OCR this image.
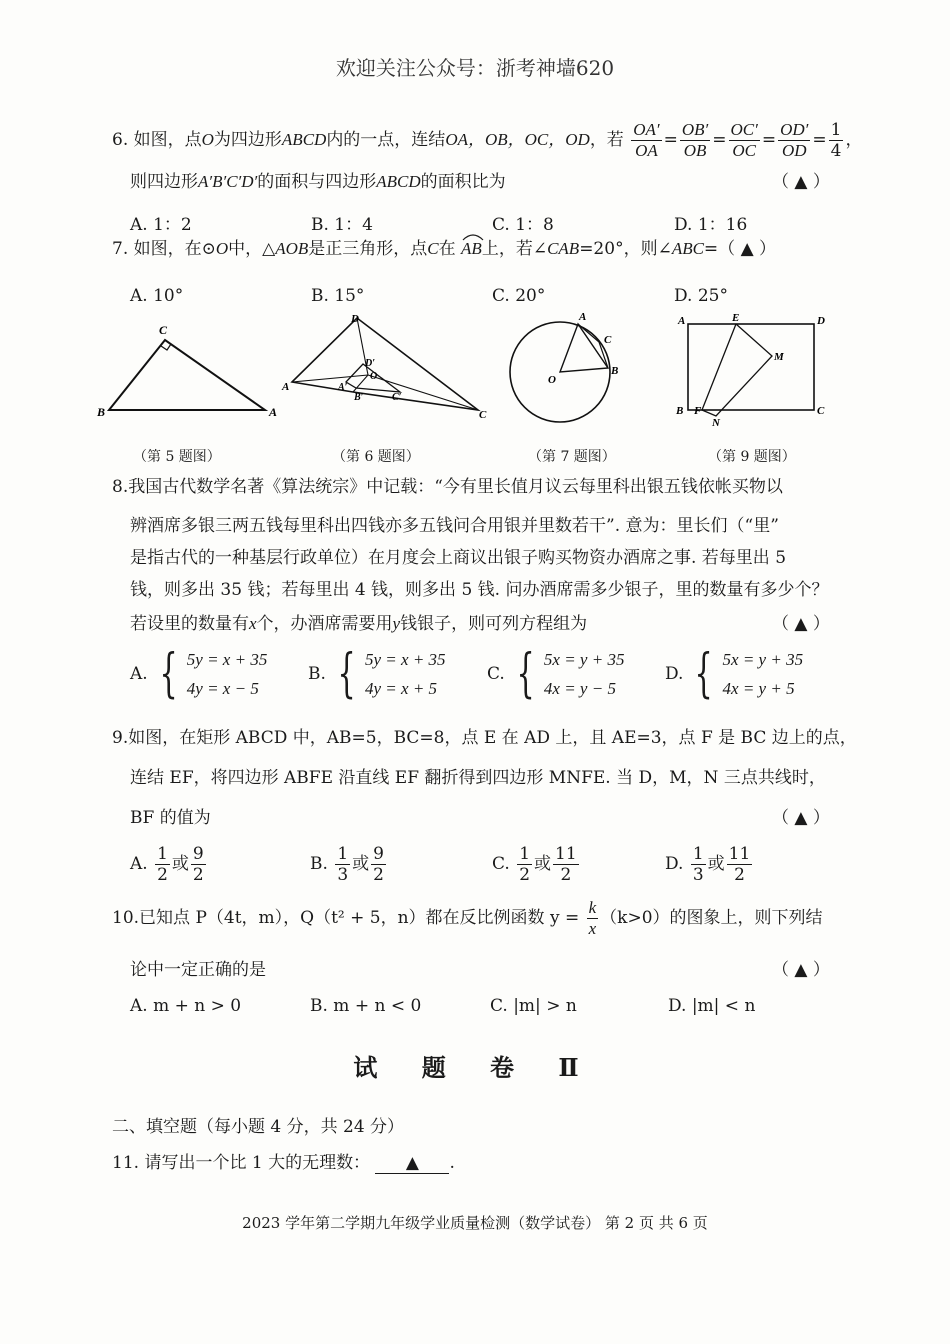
欢迎关注公众号：浙考神墙620
6. 如图，点O为四边形ABCD内的一点，连结OA，OB，OC，OD，若 $\frac{OA'}{OA} = \frac{OB'}{OB} = \frac{OC'}{OC} = \frac{OD'}{OD} = \frac{1}{4}$ ，
则四边形A′B′C′D′的面积与四边形ABCD的面积比为	（ ▲ ）
A. 1：2	B. 1：4	C. 1：8	D. 1：16
7. 如图，在⊙O中，△AOB是正三角形，点C在 AB上，若∠CAB=20°，则∠ABC=（ ▲ ）
A. 10°	B. 15°	C. 20°	D. 25°
C
B	A
D
D′
O
A	A′
B′	C′
C
A
C
B
O
A	E	D
M
B F
N
C
（第 5 题图）	（第 6 题图）	（第 7 题图）	（第 9 题图）
8.我国古代数学名著《算法统宗》中记载：“今有里长值月议云每里科出银五钱依帐买物以
辨酒席多银三两五钱每里科出四钱亦多五钱问合用银并里数若干”. 意为：里长们（“里”
是指古代的一种基层行政单位）在月度会上商议出银子购买物资办酒席之事. 若每里出 5
钱，则多出 35 钱；若每里出 4 钱，则多出 5 钱. 问办酒席需多少银子，里的数量有多少个？
若设里的数量有x个，办酒席需要用y钱银子，则可列方程组为	（ ▲ ）
A. { 5y = x + 35
4y = x − 5
B. { 5y = x + 35
4y = x + 5
C. { 5x = y + 35
4x = y − 5
D. { 5x = y + 35
4x = y + 5
9.如图，在矩形 ABCD 中，AB=5，BC=8，点 E 在 AD 上，且 AE=3，点 F 是 BC 边上的点，
连结 EF，将四边形 ABFE 沿直线 EF 翻折得到四边形 MNFE. 当 D，M，N 三点共线时，
BF 的值为	（ ▲ ）
A. $\frac{1}{2}$ 或 $\frac{9}{2}$	B. $\frac{1}{3}$ 或 $\frac{9}{2}$	C. $\frac{1}{2}$ 或 $\frac{11}{2}$	D. $\frac{1}{3}$ 或 $\frac{11}{2}$
10.已知点 P（4t，m），Q（t² + 5，n）都在反比例函数 $y = \frac{k}{x} (k>0)$的图象上，则下列结
论中一定正确的是	（ ▲ ）
A. m + n > 0	B. m + n < 0	C. |m| > n	D. |m| < n
试 题 卷 Ⅱ
二、填空题（每小题 4 分，共 24 分）
11. 请写出一个比 1 大的无理数： ▲ .
2023 学年第二学期九年级学业质量检测（数学试卷） 第 2 页 共 6 页
